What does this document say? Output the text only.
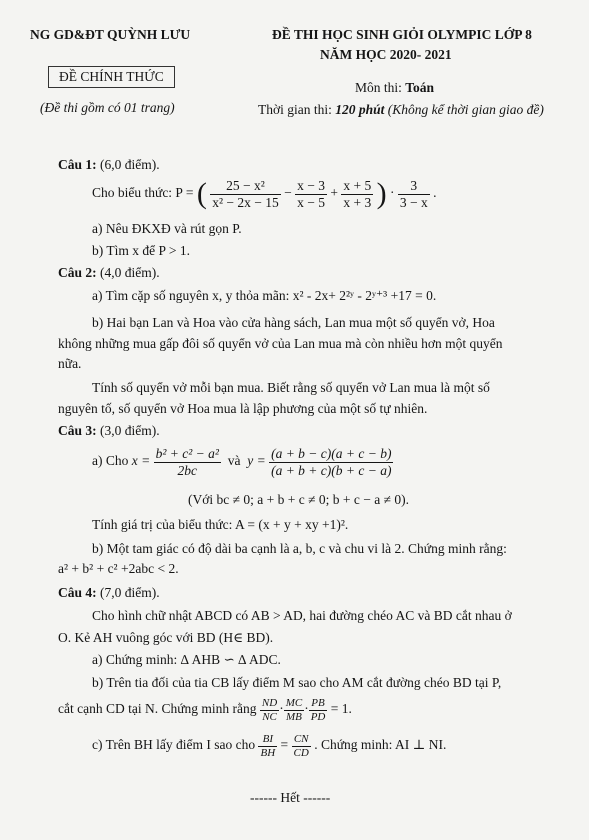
NG GD&ĐT QUỲNH LƯU	ĐỀ THI HỌC SINH GIỎI OLYMPIC LỚP 8
NĂM HỌC 2020- 2021
ĐỀ CHÍNH THỨC
(Đề thi gồm có 01 trang)
Môn thi: Toán
Thời gian thi: 120 phút (Không kể thời gian giao đề)
Câu 1: (6,0 điểm).
Cho biểu thức: P = ( $\frac{\text{25 − x²}}{\text{x² − 2x − 15}} - \frac{x - 3}{x - 5} + \frac{x + 5}{x + 3}$ ) · $\frac{3}{3 - x}$ .
a) Nêu ĐKXĐ và rút gọn P.
b) Tìm x để P > 1.
Câu 2: (4,0 điểm).
a) Tìm cặp số nguyên x, y thỏa mãn: x² - 2x+ 2²ʸ - 2ʸ⁺³ +17 = 0.
b) Hai bạn Lan và Hoa vào cửa hàng sách, Lan mua một số quyển vở, Hoa
không những mua gấp đôi số quyển vở của Lan mua mà còn nhiều hơn một quyển
nữa.
Tính số quyển vở mỗi bạn mua. Biết rằng số quyển vở Lan mua là một số
nguyên tố, số quyển vở Hoa mua là lập phương của một số tự nhiên.
Câu 3: (3,0 điểm).
a) Cho $x = \frac{\text{b² + c² − a²}}{2bc}$ và $y = \frac{(a + b - c)(a + c - b)}{(a + b + c)(b + c - a)}$
(Với bc ≠ 0; a + b + c ≠ 0; b + c − a ≠ 0).
Tính giá trị của biểu thức: A = (x + y + xy +1)².
b) Một tam giác có độ dài ba cạnh là a, b, c và chu vi là 2. Chứng minh rằng:
a² + b² + c² +2abc < 2.
Câu 4: (7,0 điểm).
Cho hình chữ nhật ABCD có AB > AD, hai đường chéo AC và BD cắt nhau ở
O. Kẻ AH vuông góc với BD (H∈ BD).
a) Chứng minh: ∆ AHB ∽ ∆ ADC.
b) Trên tia đối của tia CB lấy điểm M sao cho AM cắt đường chéo BD tại P,
cắt cạnh CD tại N. Chứng minh rằng $\frac{ND}{NC} \cdot \frac{MC}{MB} \cdot \frac{PB}{PD} = 1$.
c) Trên BH lấy điểm I sao cho $\frac{BI}{BH} = \frac{CN}{CD}$ . Chứng minh: AI ⊥ NI.
------ Hết ------
